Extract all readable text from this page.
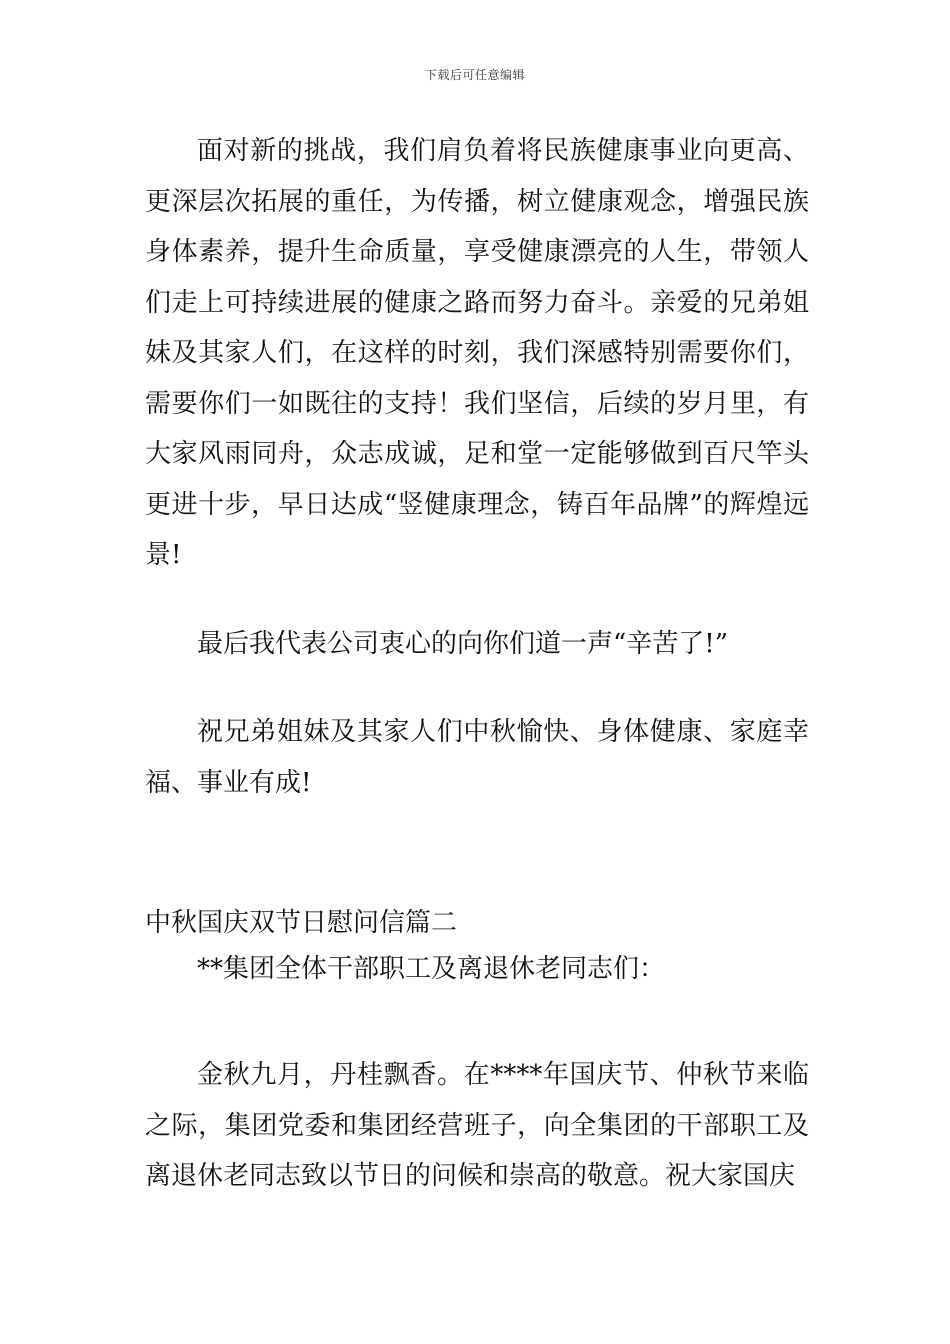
下载后可任意编辑

面对新的挑战，我们肩负着将民族健康事业向更高、更深层次拓展的重任，为传播，树立健康观念，增强民族身体素养，提升生命质量，享受健康漂亮的人生，带领人们走上可持续进展的健康之路而努力奋斗。亲爱的兄弟姐妹及其家人们，在这样的时刻，我们深感特别需要你们，需要你们一如既往的支持！我们坚信，后续的岁月里，有大家风雨同舟，众志成诚，足和堂一定能够做到百尺竿头更进十步，早日达成“竖健康理念，铸百年品牌”的辉煌远景!

最后我代表公司衷心的向你们道一声“辛苦了!”

祝兄弟姐妹及其家人们中秋愉快、身体健康、家庭幸福、事业有成!

中秋国庆双节日慰问信篇二

**集团全体干部职工及离退休老同志们：

金秋九月，丹桂飘香。在****年国庆节、仲秋节来临之际，集团党委和集团经营班子，向全集团的干部职工及离退休老同志致以节日的问候和崇高的敬意。祝大家国庆
